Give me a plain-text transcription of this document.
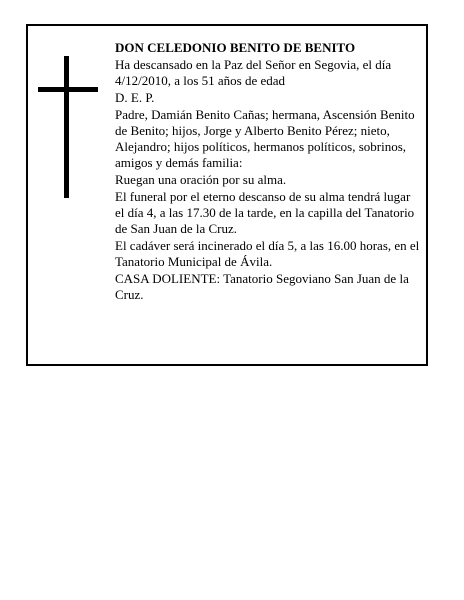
DON CELEDONIO BENITO DE BENITO

Ha descansado en la Paz del Señor en Segovia, el día 4/12/2010, a los 51 años de edad

D. E. P.

Padre, Damián Benito Cañas; hermana, Ascensión Benito de Benito; hijos, Jorge y Alberto Benito Pérez; nieto, Alejandro; hijos políticos, hermanos políticos, sobrinos, amigos y demás familia:

Ruegan una oración por su alma.

El funeral por el eterno descanso de su alma tendrá lugar el día 4, a las 17.30 de la tarde, en la capilla del Tanatorio de San Juan de la Cruz.

El cadáver será incinerado el día 5, a las 16.00 horas, en el Tanatorio Municipal de Ávila.

CASA DOLIENTE: Tanatorio Segoviano San Juan de la Cruz.
